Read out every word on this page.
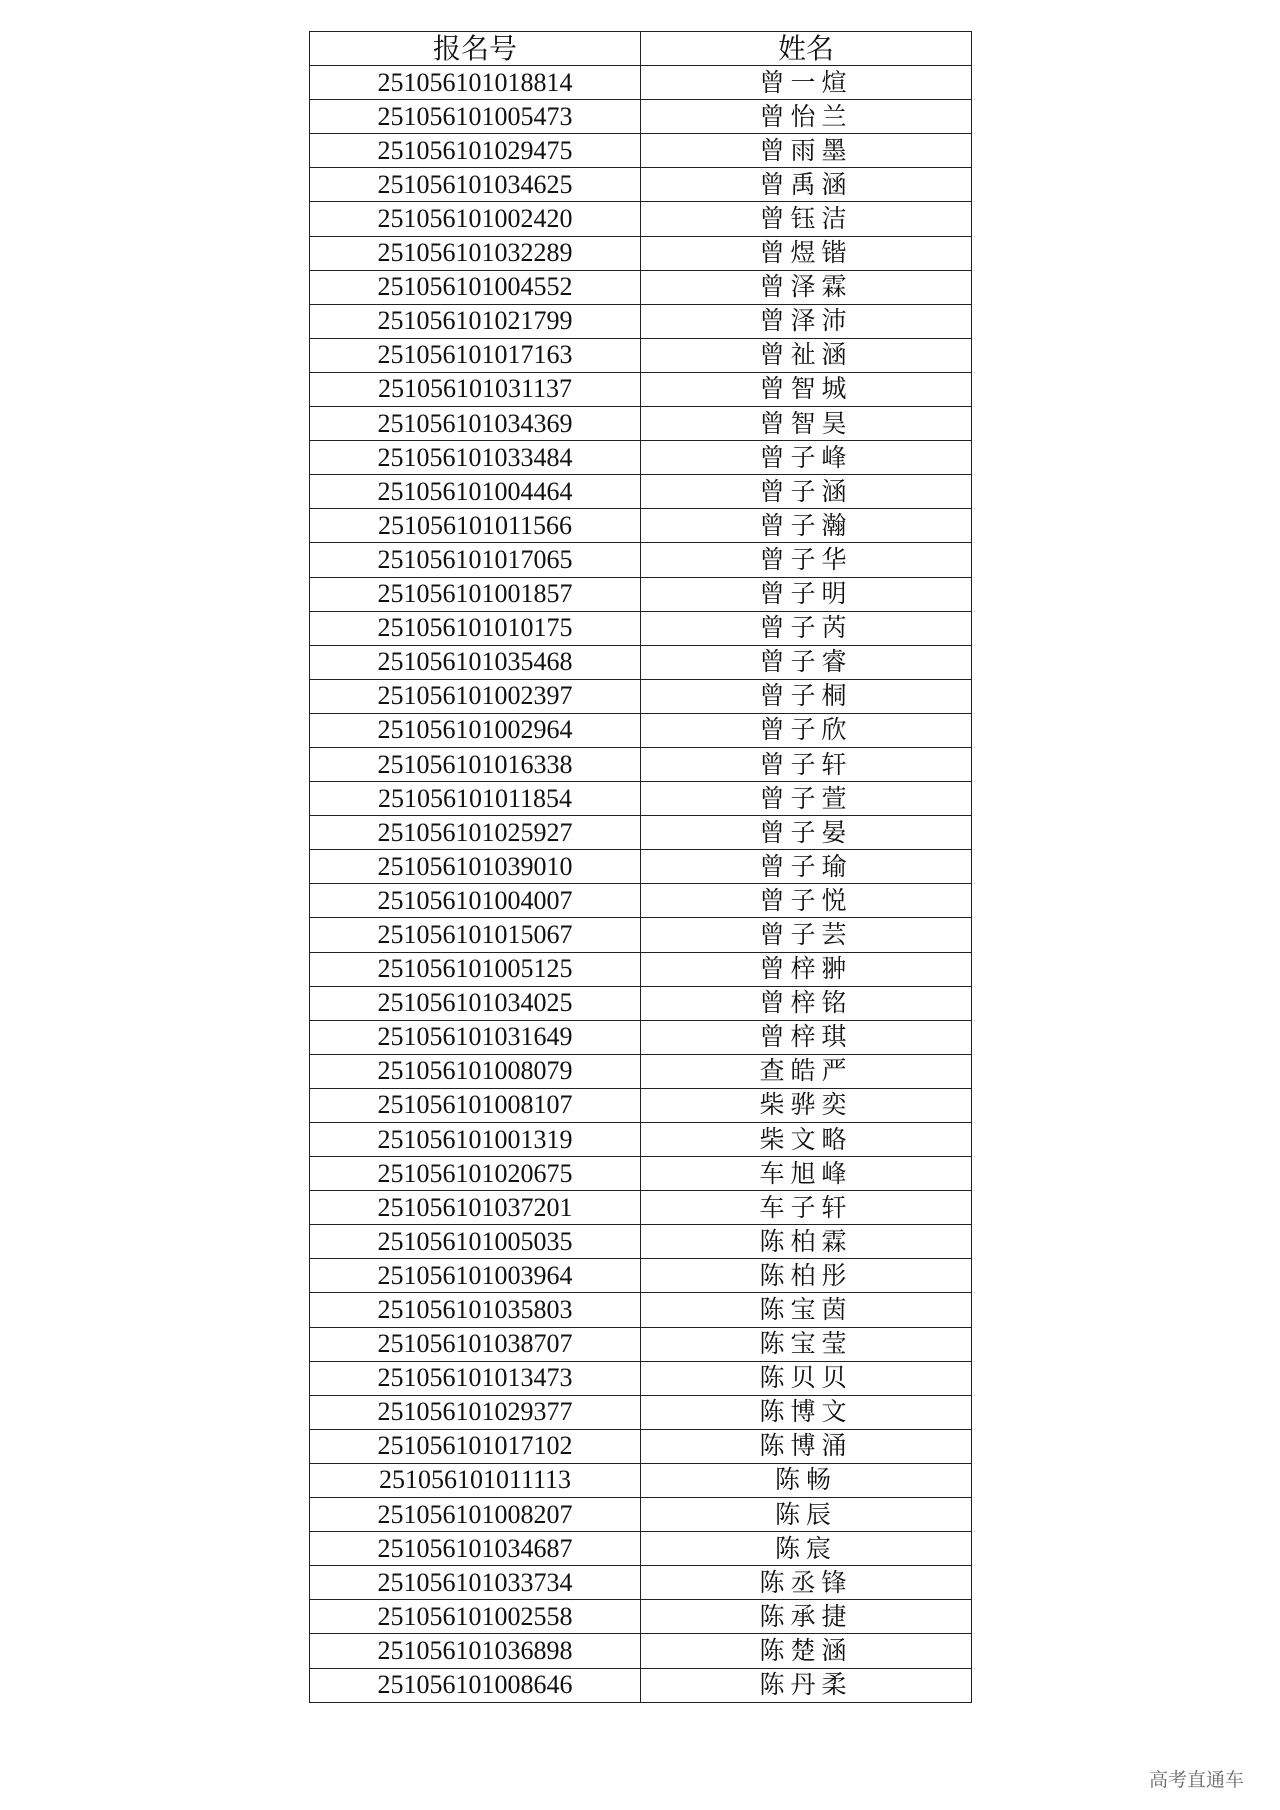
报名号	姓名
251056101018814	曾一煊
251056101005473	曾怡兰
251056101029475	曾雨墨
251056101034625	曾禹涵
251056101002420	曾钰洁
251056101032289	曾煜锴
251056101004552	曾泽霖
251056101021799	曾泽沛
251056101017163	曾祉涵
251056101031137	曾智城
251056101034369	曾智昊
251056101033484	曾子峰
251056101004464	曾子涵
251056101011566	曾子瀚
251056101017065	曾子华
251056101001857	曾子明
251056101010175	曾子芮
251056101035468	曾子睿
251056101002397	曾子桐
251056101002964	曾子欣
251056101016338	曾子轩
251056101011854	曾子萱
251056101025927	曾子晏
251056101039010	曾子瑜
251056101004007	曾子悦
251056101015067	曾子芸
251056101005125	曾梓翀
251056101034025	曾梓铭
251056101031649	曾梓琪
251056101008079	查皓严
251056101008107	柴骅奕
251056101001319	柴文略
251056101020675	车旭峰
251056101037201	车子轩
251056101005035	陈柏霖
251056101003964	陈柏彤
251056101035803	陈宝茵
251056101038707	陈宝莹
251056101013473	陈贝贝
251056101029377	陈博文
251056101017102	陈博涌
251056101011113	陈畅
251056101008207	陈辰
251056101034687	陈宸
251056101033734	陈丞锋
251056101002558	陈承捷
251056101036898	陈楚涵
251056101008646	陈丹柔
高考直通车
